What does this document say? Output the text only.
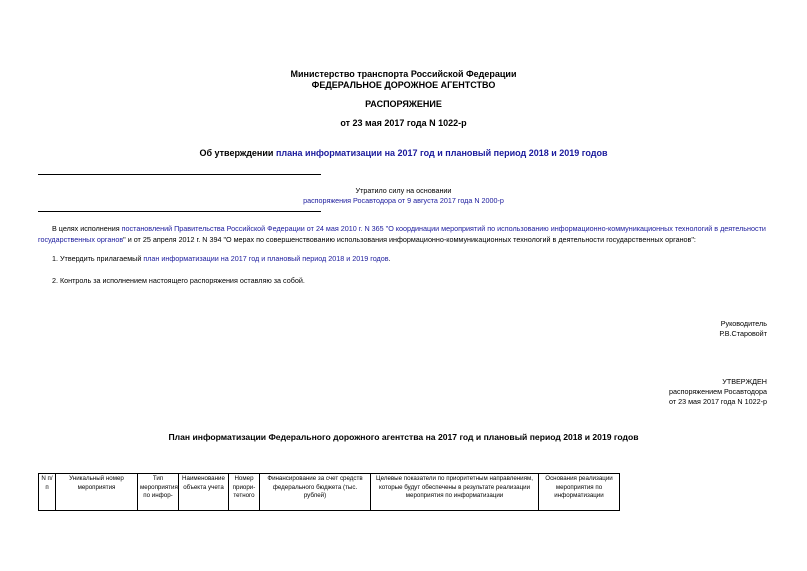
Министерство транспорта Российской Федерации
ФЕДЕРАЛЬНОЕ ДОРОЖНОЕ АГЕНТСТВО
РАСПОРЯЖЕНИЕ
от 23 мая 2017 года N 1022-р
Об утверждении плана информатизации на 2017 год и плановый период 2018 и 2019 годов
Утратило силу на основании
распоряжения Росавтодора от 9 августа 2017 года N 2000-р
В целях исполнения постановлений Правительства Российской Федерации от 24 мая 2010 г. N 365 "О координации мероприятий по использованию информационно-коммуникационных технологий в деятельности государственных органов" и от 25 апреля 2012 г. N 394 "О мерах по совершенствованию использования информационно-коммуникационных технологий в деятельности государственных органов":
1. Утвердить прилагаемый план информатизации на 2017 год и плановый период 2018 и 2019 годов.
2. Контроль за исполнением настоящего распоряжения оставляю за собой.
Руководитель
Р.В.Старовойт
УТВЕРЖДЕН
распоряжением Росавтодора
от 23 мая 2017 года N 1022-р
План информатизации Федерального дорожного агентства на 2017 год и плановый период 2018 и 2019 годов
N п/п	Уникальный номер мероприятия	Тип мероприятия по инфор-	Наименование объекта учета	Номер приори- тетного	Финансирование за счет средств федерального бюджета (тыс. рублей)	Целевые показатели по приоритетным направлениям, которые будут обеспечены в результате реализации мероприятия по информатизации	Основания реализации мероприятия по информатизации
